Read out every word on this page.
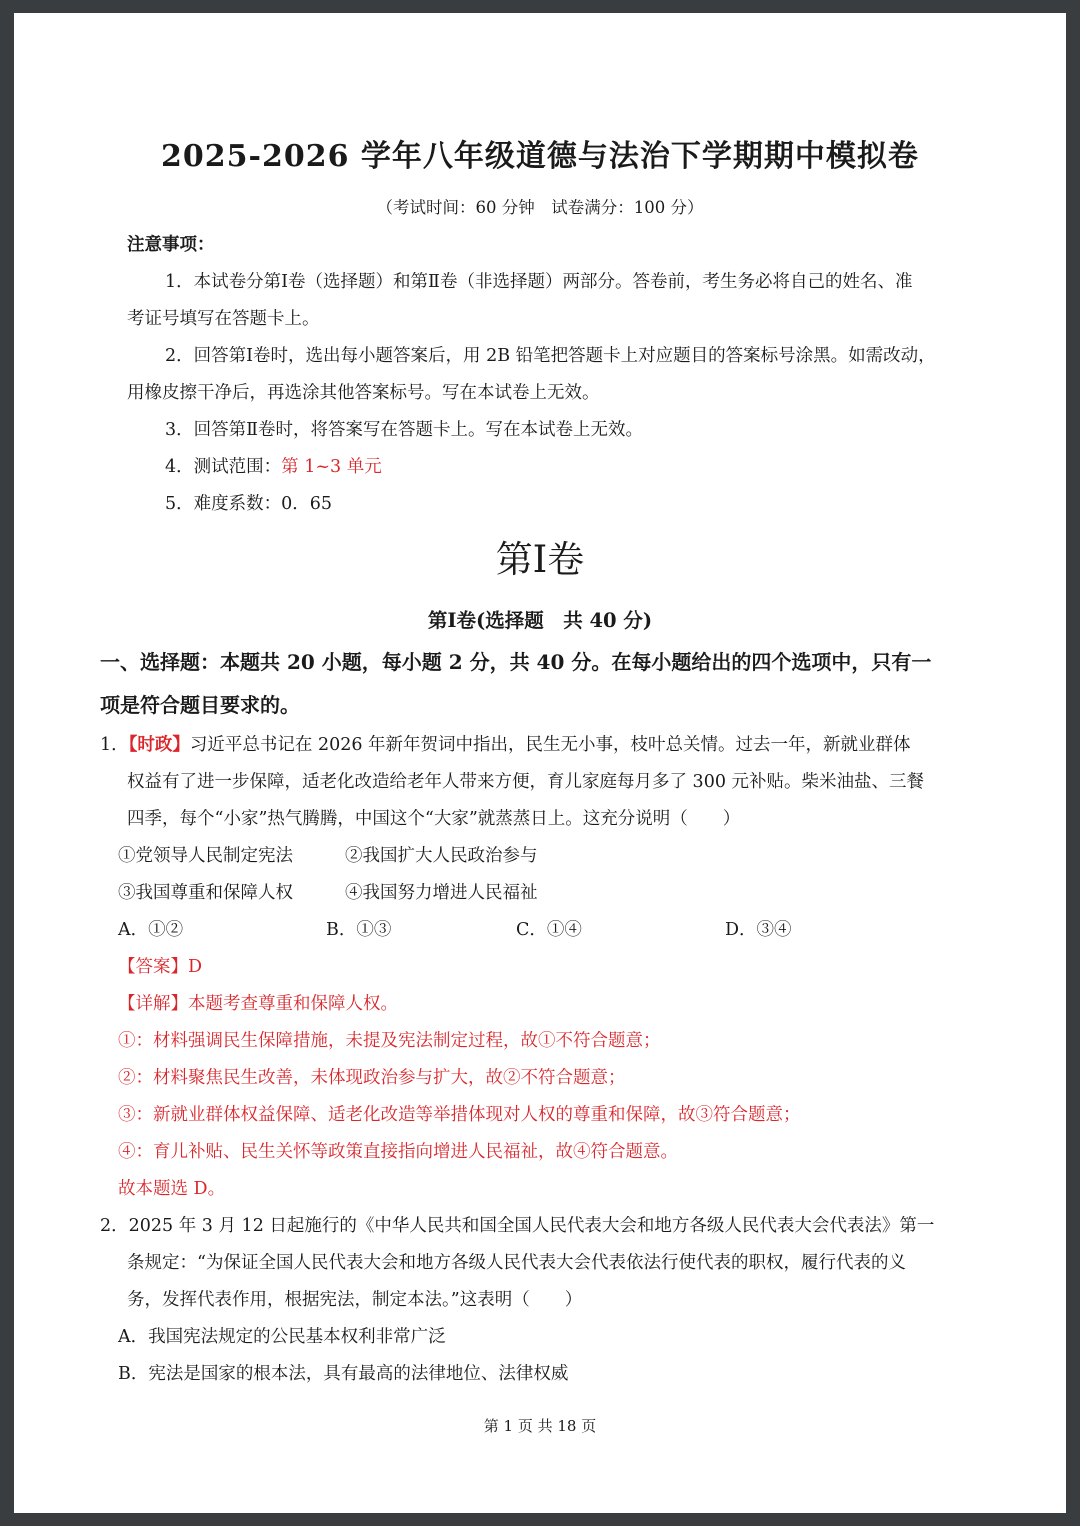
2025-2026 学年八年级道德与法治下学期期中模拟卷
（考试时间：60 分钟　试卷满分：100 分）
注意事项：
1．本试卷分第Ⅰ卷（选择题）和第Ⅱ卷（非选择题）两部分。答卷前，考生务必将自己的姓名、准
考证号填写在答题卡上。
2．回答第Ⅰ卷时，选出每小题答案后，用 2B 铅笔把答题卡上对应题目的答案标号涂黑。如需改动，
用橡皮擦干净后，再选涂其他答案标号。写在本试卷上无效。
3．回答第Ⅱ卷时，将答案写在答题卡上。写在本试卷上无效。
4．测试范围：第 1~3 单元
5．难度系数：0．65
第Ⅰ卷
第Ⅰ卷(选择题　共 40 分)
一、选择题：本题共 20 小题，每小题 2 分，共 40 分。在每小题给出的四个选项中，只有一
项是符合题目要求的。
1．【时政】习近平总书记在 2026 年新年贺词中指出，民生无小事，枝叶总关情。过去一年，新就业群体
权益有了进一步保障，适老化改造给老年人带来方便，育儿家庭每月多了 300 元补贴。柴米油盐、三餐
四季，每个“小家”热气腾腾，中国这个“大家”就蒸蒸日上。这充分说明（　　）
①党领导人民制定宪法	②我国扩大人民政治参与
③我国尊重和保障人权	④我国努力增进人民福祉
A．①②	B．①③	C．①④	D．③④
【答案】D
【详解】本题考查尊重和保障人权。
①：材料强调民生保障措施，未提及宪法制定过程，故①不符合题意；
②：材料聚焦民生改善，未体现政治参与扩大，故②不符合题意；
③：新就业群体权益保障、适老化改造等举措体现对人权的尊重和保障，故③符合题意；
④：育儿补贴、民生关怀等政策直接指向增进人民福祉，故④符合题意。
故本题选 D。
2．2025 年 3 月 12 日起施行的《中华人民共和国全国人民代表大会和地方各级人民代表大会代表法》第一
条规定：“为保证全国人民代表大会和地方各级人民代表大会代表依法行使代表的职权，履行代表的义
务，发挥代表作用，根据宪法，制定本法。”这表明（　　）
A．我国宪法规定的公民基本权利非常广泛
B．宪法是国家的根本法，具有最高的法律地位、法律权威
第 1 页 共 18 页
